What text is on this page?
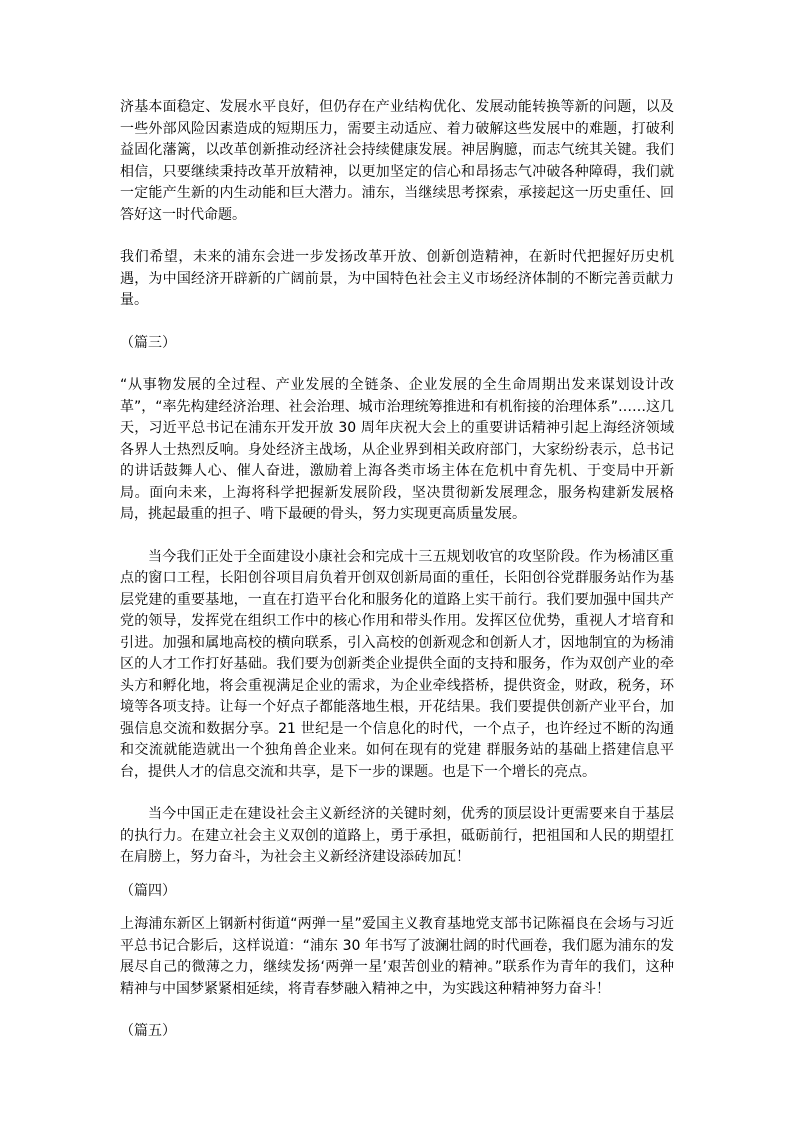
济基本面稳定、发展水平良好，但仍存在产业结构优化、发展动能转换等新的问题，以及一些外部风险因素造成的短期压力，需要主动适应、着力破解这些发展中的难题，打破利益固化藩篱，以改革创新推动经济社会持续健康发展。神居胸臆，而志气统其关键。我们相信，只要继续秉持改革开放精神，以更加坚定的信心和昂扬志气冲破各种障碍，我们就一定能产生新的内生动能和巨大潜力。浦东，当继续思考探索，承接起这一历史重任、回答好这一时代命题。

我们希望，未来的浦东会进一步发扬改革开放、创新创造精神，在新时代把握好历史机遇，为中国经济开辟新的广阔前景，为中国特色社会主义市场经济体制的不断完善贡献力量。

（篇三）

“从事物发展的全过程、产业发展的全链条、企业发展的全生命周期出发来谋划设计改革”，“率先构建经济治理、社会治理、城市治理统筹推进和有机衔接的治理体系”……这几天，习近平总书记在浦东开发开放 30 周年庆祝大会上的重要讲话精神引起上海经济领域各界人士热烈反响。身处经济主战场，从企业界到相关政府部门，大家纷纷表示，总书记的讲话鼓舞人心、催人奋进，激励着上海各类市场主体在危机中育先机、于变局中开新局。面向未来，上海将科学把握新发展阶段，坚决贯彻新发展理念，服务构建新发展格局，挑起最重的担子、啃下最硬的骨头，努力实现更高质量发展。

当今我们正处于全面建设小康社会和完成十三五规划收官的攻坚阶段。作为杨浦区重点的窗口工程，长阳创谷项目肩负着开创双创新局面的重任，长阳创谷党群服务站作为基层党建的重要基地，一直在打造平台化和服务化的道路上实干前行。我们要加强中国共产党的领导，发挥党在组织工作中的核心作用和带头作用。发挥区位优势，重视人才培育和引进。加强和属地高校的横向联系，引入高校的创新观念和创新人才，因地制宜的为杨浦区的人才工作打好基础。我们要为创新类企业提供全面的支持和服务，作为双创产业的牵头方和孵化地，将会重视满足企业的需求，为企业牵线搭桥，提供资金，财政，税务，环境等各项支持。让每一个好点子都能落地生根，开花结果。我们要提供创新产业平台，加强信息交流和数据分享。21 世纪是一个信息化的时代，一个点子，也许经过不断的沟通和交流就能造就出一个独角兽企业来。如何在现有的党建 群服务站的基础上搭建信息平台，提供人才的信息交流和共享，是下一步的课题。也是下一个增长的亮点。

当今中国正走在建设社会主义新经济的关键时刻，优秀的顶层设计更需要来自于基层的执行力。在建立社会主义双创的道路上，勇于承担，砥砺前行，把祖国和人民的期望扛在肩膀上，努力奋斗，为社会主义新经济建设添砖加瓦！

（篇四）

上海浦东新区上钢新村街道“两弹一星”爱国主义教育基地党支部书记陈福良在会场与习近平总书记合影后，这样说道：“浦东 30 年书写了波澜壮阔的时代画卷，我们愿为浦东的发展尽自己的微薄之力，继续发扬‘两弹一星’艰苦创业的精神。”联系作为青年的我们，这种精神与中国梦紧紧相延续，将青春梦融入精神之中，为实践这种精神努力奋斗！

（篇五）
